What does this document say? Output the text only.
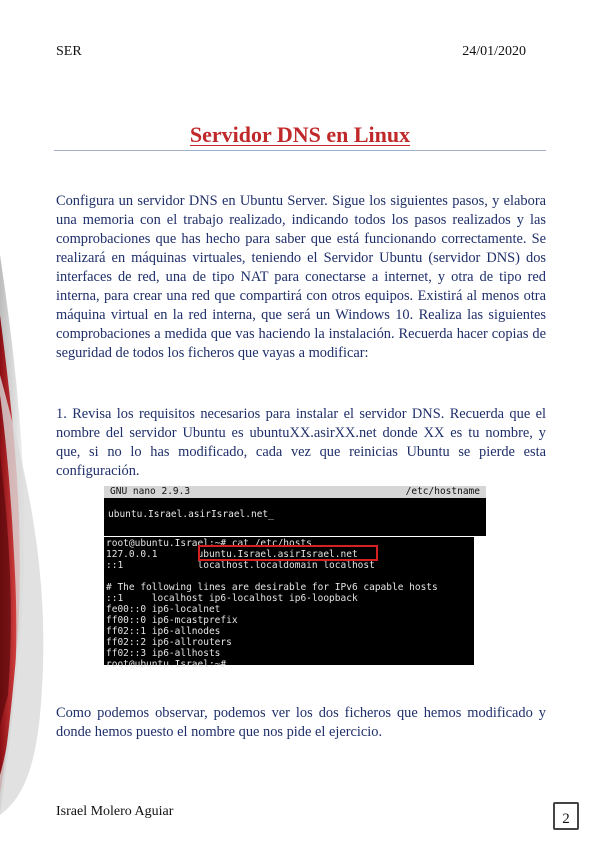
SER	24/01/2020
Servidor DNS en Linux
Configura un servidor DNS en Ubuntu Server. Sigue los siguientes pasos, y elabora una memoria con el trabajo realizado, indicando todos los pasos realizados y las comprobaciones que has hecho para saber que está funcionando correctamente. Se realizará en máquinas virtuales, teniendo el Servidor Ubuntu (servidor DNS) dos interfaces de red, una de tipo NAT para conectarse a internet, y otra de tipo red interna, para crear una red que compartirá con otros equipos. Existirá al menos otra máquina virtual en la red interna, que será un Windows 10. Realiza las siguientes comprobaciones a medida que vas haciendo la instalación. Recuerda hacer copias de seguridad de todos los ficheros que vayas a modificar:
1. Revisa los requisitos necesarios para instalar el servidor DNS. Recuerda que el nombre del servidor Ubuntu es ubuntuXX.asirXX.net donde XX es tu nombre, y que, si no lo has modificado, cada vez que reinicias Ubuntu se pierde esta configuración.
GNU nano 2.9.3	/etc/hostname
ubuntu.Israel.asirIsrael.net_
root@ubuntu.Israel:~# cat /etc/hosts
127.0.0.1       ubuntu.Israel.asirIsrael.net
::1             localhost.localdomain localhost
# The following lines are desirable for IPv6 capable hosts
::1     localhost ip6-localhost ip6-loopback
fe00::0 ip6-localnet
ff00::0 ip6-mcastprefix
ff02::1 ip6-allnodes
ff02::2 ip6-allrouters
ff02::3 ip6-allhosts
root@ubuntu.Israel:~#
Como podemos observar, podemos ver los dos ficheros que hemos modificado y donde hemos puesto el nombre que nos pide el ejercicio.
Israel Molero Aguiar	2
